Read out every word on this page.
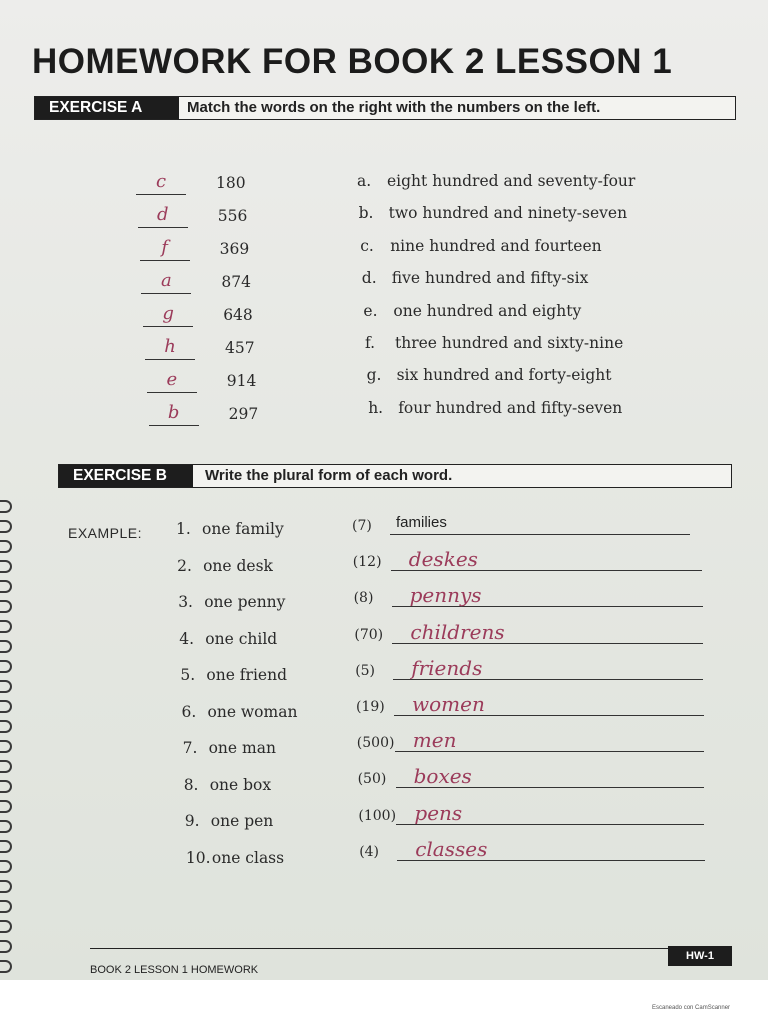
HOMEWORK FOR BOOK 2 LESSON 1
EXERCISE A	Match the words on the right with the numbers on the left.
c	180	a. eight hundred and seventy-four
d	556	b. two hundred and ninety-seven
f	369	c. nine hundred and fourteen
a	874	d. five hundred and fifty-six
g	648	e. one hundred and eighty
h	457	f. three hundred and sixty-nine
e	914	g. six hundred and forty-eight
b	297	h. four hundred and fifty-seven
EXERCISE B	Write the plural form of each word.
EXAMPLE: 1. one family	(7)	families
2. one desk	(12)	deskes
3. one penny	(8)	pennys
4. one child	(70)	childrens
5. one friend	(5)	friends
6. one woman	(19)	women
7. one man	(500) men
8. one box	(50)	boxes
9. one pen	(100) pens
10. one class	(4)	classes
BOOK 2 LESSON 1 HOMEWORK
HW-1
Escaneado con CamScanner
